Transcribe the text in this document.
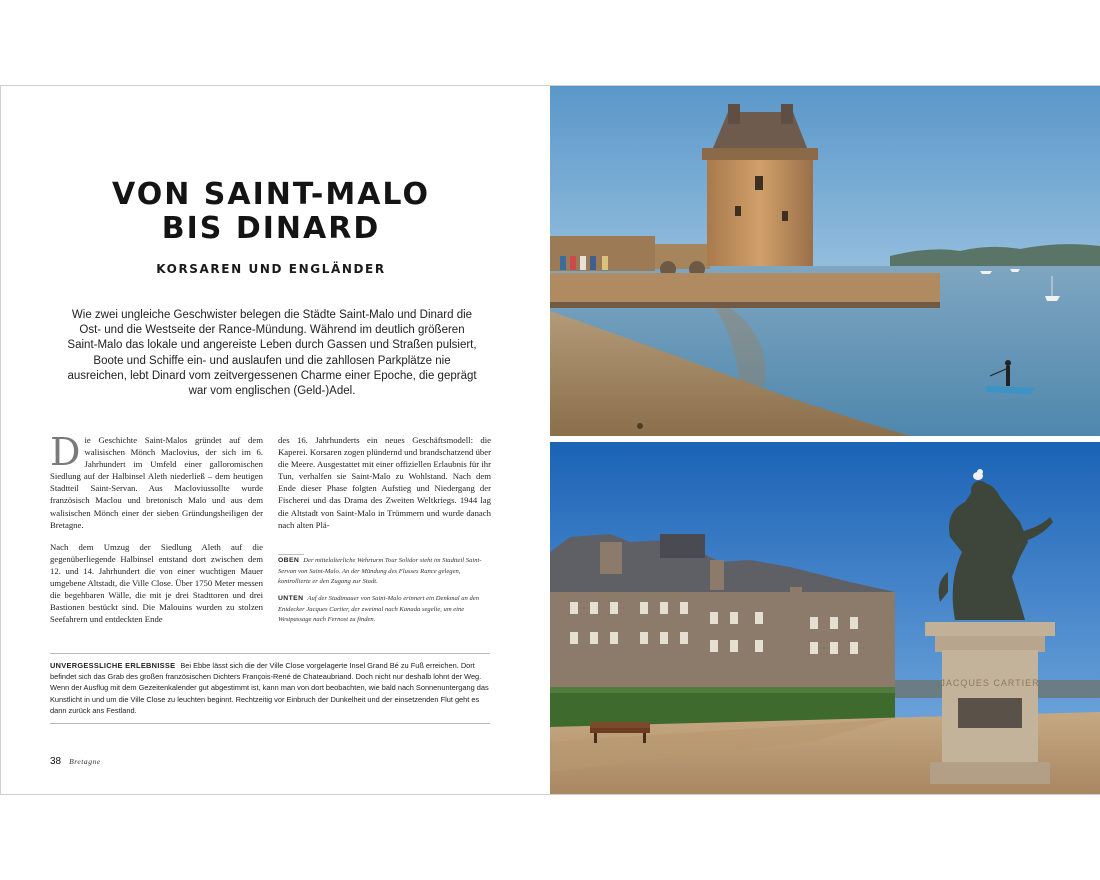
VON SAINT-MALO
BIS DINARD
KORSAREN UND ENGLÄNDER

Wie zwei ungleiche Geschwister belegen die Städte Saint-Malo und Dinard die Ost- und die Westseite der Rance-Mündung. Während im deutlich größeren Saint-Malo das lokale und angereiste Leben durch Gassen und Straßen pulsiert, Boote und Schiffe ein- und auslaufen und die zahllosen Parkplätze nie ausreichen, lebt Dinard vom zeitvergessenen Charme einer Epoche, die geprägt war vom englischen (Geld-)Adel.

Die Geschichte Saint-Malos gründet auf dem walisischen Mönch Maclovius, der sich im 6. Jahrhundert im Umfeld einer galloromischen Siedlung auf der Halbinsel Aleth niederließ – dem heutigen Stadtteil Saint-Servan. Aus Macloviussollte wurde französisch Maclou und bretonisch Malo und aus dem walisischen Mönch einer der sieben Gründungsheiligen der Bretagne.

Nach dem Umzug der Siedlung Aleth auf die gegenüberliegende Halbinsel entstand dort zwischen dem 12. und 14. Jahrhundert die von einer wuchtigen Mauer umgebene Altstadt, die Ville Close. Über 1750 Meter messen die begehbaren Wälle, die mit je drei Stadttoren und drei Bastionen bestückt sind. Die Malouins wurden zu stolzen Seefahrern und entdeckten Ende

des 16. Jahrhunderts ein neues Geschäftsmodell: die Kaperei. Korsaren zogen plündernd und brandschatzend über die Meere. Ausgestattet mit einer offiziellen Erlaubnis für ihr Tun, verhalfen sie Saint-Malo zu Wohlstand. Nach dem Ende dieser Phase folgten Aufstieg und Niedergang der Fischerei und das Drama des Zweiten Weltkriegs. 1944 lag die Altstadt von Saint-Malo in Trümmern und wurde danach nach alten Plä-

OBEN Der mittelalterliche Wehrturm Tour Solidor steht im Stadtteil Saint-Servan von Saint-Malo. An der Mündung des Flusses Rance gelegen, kontrollierte er den Zugang zur Stadt.
UNTEN Auf der Stadtmauer von Saint-Malo erinnert ein Denkmal an den Entdecker Jacques Cartier, der zweimal nach Kanada segelte, um eine Westpassage nach Fernost zu finden.
UNVERGESSLICHE ERLEBNISSE Bei Ebbe lässt sich die der Ville Close vorgelagerte Insel Grand Bé zu Fuß erreichen. Dort befindet sich das Grab des großen französischen Dichters François-René de Chateaubriand. Doch nicht nur deshalb lohnt der Weg. Wenn der Ausflug mit dem Gezeitenkalender gut abgestimmt ist, kann man von dort beobachten, wie bald nach Sonnenuntergang das Kunstlicht in und um die Ville Close zu leuchten beginnt. Rechtzeitig vor Einbruch der Dunkelheit und der einsetzenden Flut geht es dann zurück ans Festland.
38 Bretagne
JACQUES CARTIER
